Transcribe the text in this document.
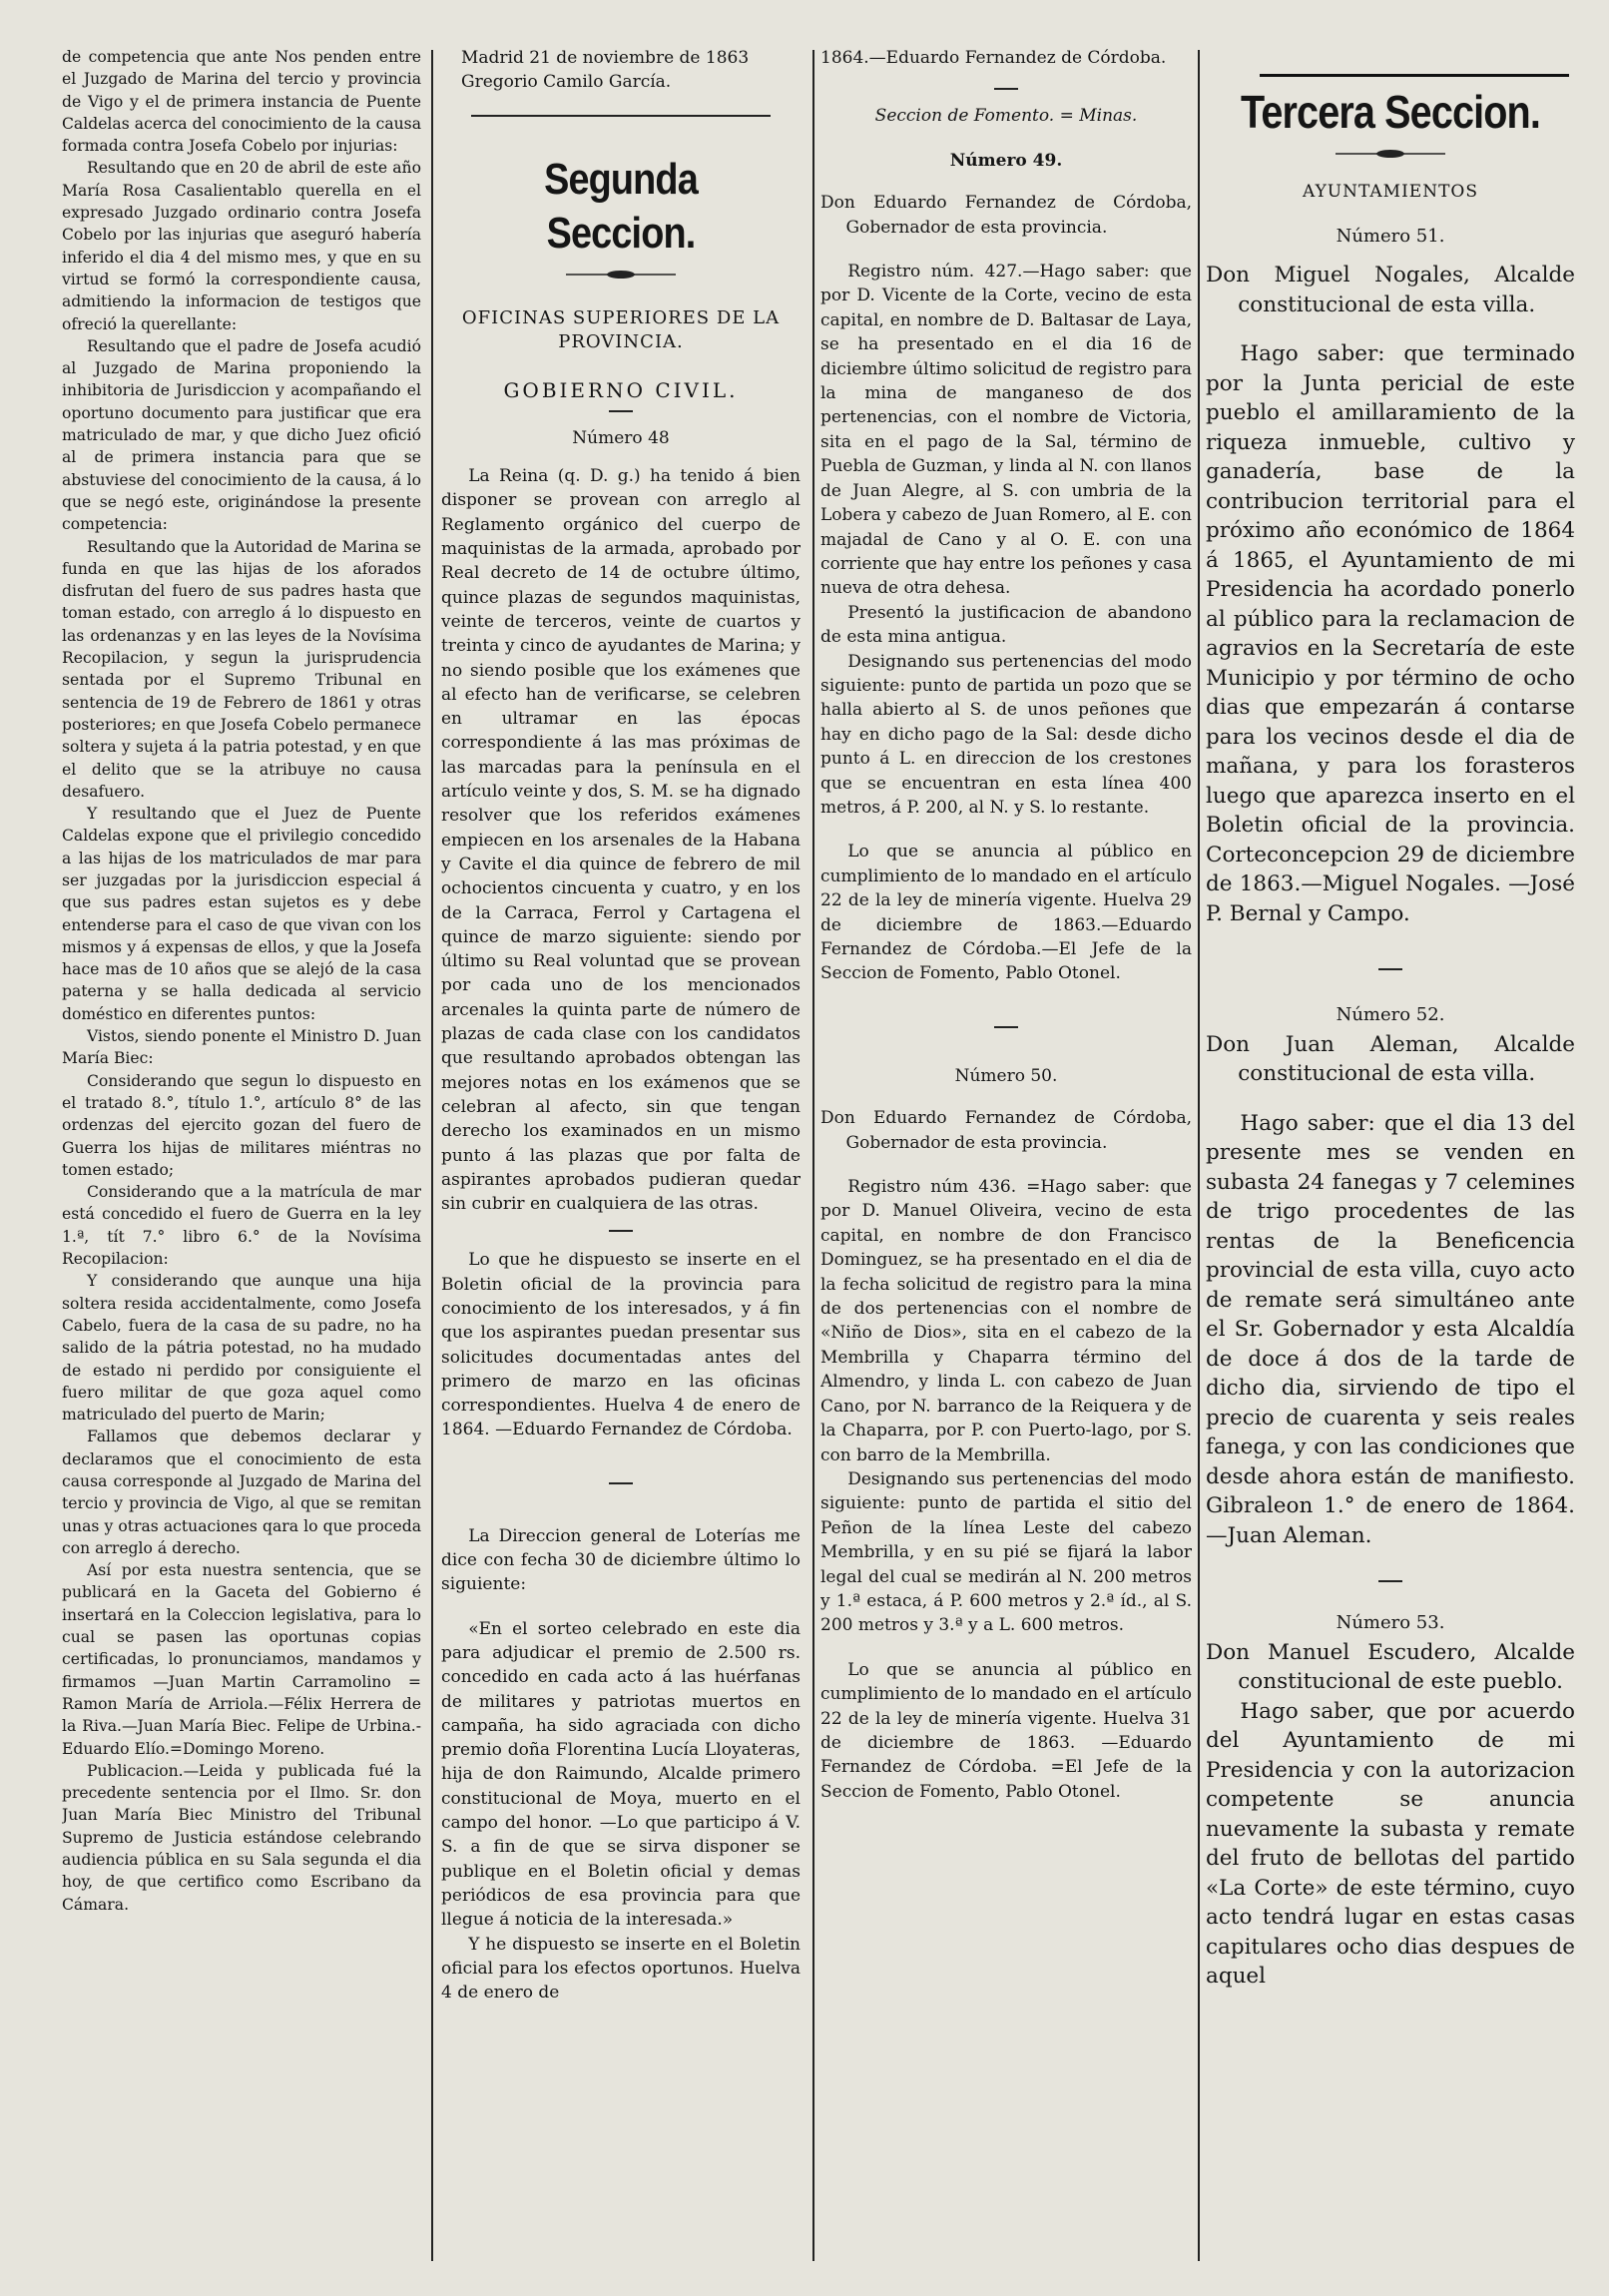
de competencia que ante Nos penden entre el Juzgado de Marina del tercio y provincia de Vigo y el de primera instancia de Puente Caldelas acerca del conocimiento de la causa formada contra Josefa Cobelo por injurias:

Resultando que en 20 de abril de este año María Rosa Casalientablo querella en el expresado Juzgado ordinario contra Josefa Cobelo por las injurias que aseguró habería inferido el dia 4 del mismo mes, y que en su virtud se formó la correspondiente causa, admitiendo la informacion de testigos que ofreció la querellante:

Resultando que el padre de Josefa acudió al Juzgado de Marina proponiendo la inhibitoria de Jurisdiccion y acompañando el oportuno documento para justificar que era matriculado de mar, y que dicho Juez ofició al de primera instancia para que se abstuviese del conocimiento de la causa, á lo que se negó este, originándose la presente competencia:

Resultando que la Autoridad de Marina se funda en que las hijas de los aforados disfrutan del fuero de sus padres hasta que toman estado, con arreglo á lo dispuesto en las ordenanzas y en las leyes de la Novísima Recopilacion, y segun la jurisprudencia sentada por el Supremo Tribunal en sentencia de 19 de Febrero de 1861 y otras posteriores; en que Josefa Cobelo permanece soltera y sujeta á la patria potestad, y en que el delito que se la atribuye no causa desafuero.

Y resultando que el Juez de Puente Caldelas expone que el privilegio concedido a las hijas de los matriculados de mar para ser juzgadas por la jurisdiccion especial á que sus padres estan sujetos es y debe entenderse para el caso de que vivan con los mismos y á expensas de ellos, y que la Josefa hace mas de 10 años que se alejó de la casa paterna y se halla dedicada al servicio doméstico en diferentes puntos:

Vistos, siendo ponente el Ministro D. Juan María Biec:

Considerando que segun lo dispuesto en el tratado 8.°, título 1.°, artículo 8° de las ordenzas del ejercito gozan del fuero de Guerra los hijas de militares miéntras no tomen estado;

Considerando que a la matrícula de mar está concedido el fuero de Guerra en la ley 1.ª, tít 7.° libro 6.° de la Novísima Recopilacion:

Y considerando que aunque una hija soltera resida accidentalmente, como Josefa Cabelo, fuera de la casa de su padre, no ha salido de la pátria potestad, no ha mudado de estado ni perdido por consiguiente el fuero militar de que goza aquel como matriculado del puerto de Marin;

Fallamos que debemos declarar y declaramos que el conocimiento de esta causa corresponde al Juzgado de Marina del tercio y provincia de Vigo, al que se remitan unas y otras actuaciones qara lo que proceda con arreglo á derecho.

Así por esta nuestra sentencia, que se publicará en la Gaceta del Gobierno é insertará en la Coleccion legislativa, para lo cual se pasen las oportunas copias certificadas, lo pronunciamos, mandamos y firmamos —Juan Martin Carramolino = Ramon María de Arriola.—Félix Herrera de la Riva.—Juan María Biec. Felipe de Urbina.-Eduardo Elío.=Domingo Moreno.

Publicacion.—Leida y publicada fué la precedente sentencia por el Ilmo. Sr. don Juan María Biec Ministro del Tribunal Supremo de Justicia estándose celebrando audiencia pública en su Sala segunda el dia hoy, de que certifico como Escribano da Cámara.

Madrid 21 de noviembre de 1863

Gregorio Camilo García.

Segunda Seccion.

OFICINAS SUPERIORES DE LA PROVINCIA.

GOBIERNO CIVIL.

Número 48

La Reina (q. D. g.) ha tenido á bien disponer se provean con arreglo al Reglamento orgánico del cuerpo de maquinistas de la armada, aprobado por Real decreto de 14 de octubre último, quince plazas de segundos maquinistas, veinte de terceros, veinte de cuartos y treinta y cinco de ayudantes de Marina; y no siendo posible que los exámenes que al efecto han de verificarse, se celebren en ultramar en las épocas correspondiente á las mas próximas de las marcadas para la península en el artículo veinte y dos, S. M. se ha dignado resolver que los referidos exámenes empiecen en los arsenales de la Habana y Cavite el dia quince de febrero de mil ochocientos cincuenta y cuatro, y en los de la Carraca, Ferrol y Cartagena el quince de marzo siguiente: siendo por último su Real voluntad que se provean por cada uno de los mencionados arcenales la quinta parte de número de plazas de cada clase con los candidatos que resultando aprobados obtengan las mejores notas en los exámenos que se celebran al afecto, sin que tengan derecho los examinados en un mismo punto á las plazas que por falta de aspirantes aprobados pudieran quedar sin cubrir en cualquiera de las otras.

Lo que he dispuesto se inserte en el Boletin oficial de la provincia para conocimiento de los interesados, y á fin que los aspirantes puedan presentar sus solicitudes documentadas antes del primero de marzo en las oficinas correspondientes. Huelva 4 de enero de 1864. —Eduardo Fernandez de Córdoba.

La Direccion general de Loterías me dice con fecha 30 de diciembre último lo siguiente:

«En el sorteo celebrado en este dia para adjudicar el premio de 2.500 rs. concedido en cada acto á las huérfanas de militares y patriotas muertos en campaña, ha sido agraciada con dicho premio doña Florentina Lucía Lloyateras, hija de don Raimundo, Alcalde primero constitucional de Moya, muerto en el campo del honor. —Lo que participo á V. S. a fin de que se sirva disponer se publique en el Boletin oficial y demas periódicos de esa provincia para que llegue á noticia de la interesada.»

Y he dispuesto se inserte en el Boletin oficial para los efectos oportunos. Huelva 4 de enero de

1864.—Eduardo Fernandez de Córdoba.

Seccion de Fomento. = Minas.

Número 49.

Don Eduardo Fernandez de Córdoba, Gobernador de esta provincia.

Registro núm. 427.—Hago saber: que por D. Vicente de la Corte, vecino de esta capital, en nombre de D. Baltasar de Laya, se ha presentado en el dia 16 de diciembre último solicitud de registro para la mina de manganeso de dos pertenencias, con el nombre de Victoria, sita en el pago de la Sal, término de Puebla de Guzman, y linda al N. con llanos de Juan Alegre, al S. con umbria de la Lobera y cabezo de Juan Romero, al E. con majadal de Cano y al O. E. con una corriente que hay entre los peñones y casa nueva de otra dehesa.

Presentó la justificacion de abandono de esta mina antigua.

Designando sus pertenencias del modo siguiente: punto de partida un pozo que se halla abierto al S. de unos peñones que hay en dicho pago de la Sal: desde dicho punto á L. en direccion de los crestones que se encuentran en esta línea 400 metros, á P. 200, al N. y S. lo restante.

Lo que se anuncia al público en cumplimiento de lo mandado en el artículo 22 de la ley de minería vigente. Huelva 29 de diciembre de 1863.—Eduardo Fernandez de Córdoba.—El Jefe de la Seccion de Fomento, Pablo Otonel.

Número 50.

Don Eduardo Fernandez de Córdoba, Gobernador de esta provincia.

Registro núm 436. =Hago saber: que por D. Manuel Oliveira, vecino de esta capital, en nombre de don Francisco Dominguez, se ha presentado en el dia de la fecha solicitud de registro para la mina de dos pertenencias con el nombre de «Niño de Dios», sita en el cabezo de la Membrilla y Chaparra término del Almendro, y linda L. con cabezo de Juan Cano, por N. barranco de la Reiquera y de la Chaparra, por P. con Puerto-lago, por S. con barro de la Membrilla.

Designando sus pertenencias del modo siguiente: punto de partida el sitio del Peñon de la línea Leste del cabezo Membrilla, y en su pié se fijará la labor legal del cual se medirán al N. 200 metros y 1.ª estaca, á P. 600 metros y 2.ª íd., al S. 200 metros y 3.ª y a L. 600 metros.

Lo que se anuncia al público en cumplimiento de lo mandado en el artículo 22 de la ley de minería vigente. Huelva 31 de diciembre de 1863. —Eduardo Fernandez de Córdoba. =El Jefe de la Seccion de Fomento, Pablo Otonel.

Tercera Seccion.

AYUNTAMIENTOS

Número 51.

Don Miguel Nogales, Alcalde constitucional de esta villa.

Hago saber: que terminado por la Junta pericial de este pueblo el amillaramiento de la riqueza inmueble, cultivo y ganadería, base de la contribucion territorial para el próximo año económico de 1864 á 1865, el Ayuntamiento de mi Presidencia ha acordado ponerlo al público para la reclamacion de agravios en la Secretaría de este Municipio y por término de ocho dias que empezarán á contarse para los vecinos desde el dia de mañana, y para los forasteros luego que aparezca inserto en el Boletin oficial de la provincia. Corteconcepcion 29 de diciembre de 1863.—Miguel Nogales. —José P. Bernal y Campo.

Número 52.

Don Juan Aleman, Alcalde constitucional de esta villa.

Hago saber: que el dia 13 del presente mes se venden en subasta 24 fanegas y 7 celemines de trigo procedentes de las rentas de la Beneficencia provincial de esta villa, cuyo acto de remate será simultáneo ante el Sr. Gobernador y esta Alcaldía de doce á dos de la tarde de dicho dia, sirviendo de tipo el precio de cuarenta y seis reales fanega, y con las condiciones que desde ahora están de manifiesto. Gibraleon 1.° de enero de 1864.—Juan Aleman.

Número 53.

Don Manuel Escudero, Alcalde constitucional de este pueblo.

Hago saber, que por acuerdo del Ayuntamiento de mi Presidencia y con la autorizacion competente se anuncia nuevamente la subasta y remate del fruto de bellotas del partido «La Corte» de este término, cuyo acto tendrá lugar en estas casas capitulares ocho dias despues de aquel
